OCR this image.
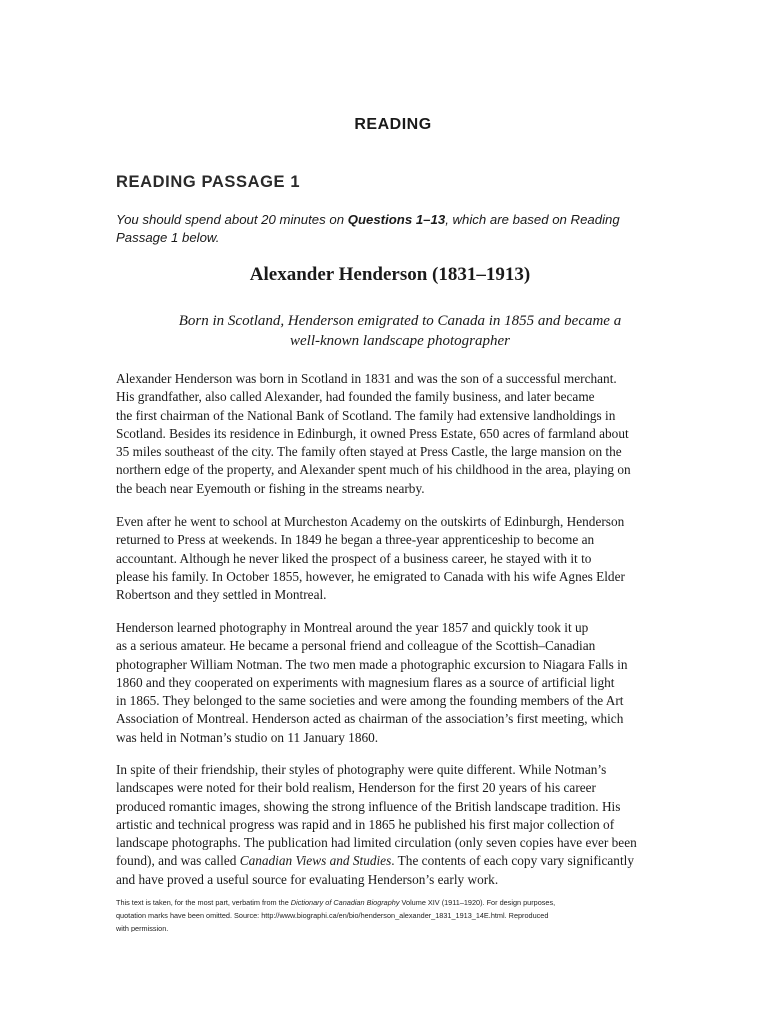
READING
READING PASSAGE 1
You should spend about 20 minutes on Questions 1–13, which are based on Reading
Passage 1 below.
Alexander Henderson (1831–1913)
Born in Scotland, Henderson emigrated to Canada in 1855 and became a
well-known landscape photographer
Alexander Henderson was born in Scotland in 1831 and was the son of a successful merchant.
His grandfather, also called Alexander, had founded the family business, and later became
the first chairman of the National Bank of Scotland. The family had extensive landholdings in
Scotland. Besides its residence in Edinburgh, it owned Press Estate, 650 acres of farmland about
35 miles southeast of the city. The family often stayed at Press Castle, the large mansion on the
northern edge of the property, and Alexander spent much of his childhood in the area, playing on
the beach near Eyemouth or fishing in the streams nearby.
Even after he went to school at Murcheston Academy on the outskirts of Edinburgh, Henderson
returned to Press at weekends. In 1849 he began a three-year apprenticeship to become an
accountant. Although he never liked the prospect of a business career, he stayed with it to
please his family. In October 1855, however, he emigrated to Canada with his wife Agnes Elder
Robertson and they settled in Montreal.
Henderson learned photography in Montreal around the year 1857 and quickly took it up
as a serious amateur. He became a personal friend and colleague of the Scottish–Canadian
photographer William Notman. The two men made a photographic excursion to Niagara Falls in
1860 and they cooperated on experiments with magnesium flares as a source of artificial light
in 1865. They belonged to the same societies and were among the founding members of the Art
Association of Montreal. Henderson acted as chairman of the association’s first meeting, which
was held in Notman’s studio on 11 January 1860.
In spite of their friendship, their styles of photography were quite different. While Notman’s
landscapes were noted for their bold realism, Henderson for the first 20 years of his career
produced romantic images, showing the strong influence of the British landscape tradition. His
artistic and technical progress was rapid and in 1865 he published his first major collection of
landscape photographs. The publication had limited circulation (only seven copies have ever been
found), and was called Canadian Views and Studies. The contents of each copy vary significantly
and have proved a useful source for evaluating Henderson’s early work.
This text is taken, for the most part, verbatim from the Dictionary of Canadian Biography Volume XIV (1911–1920). For design purposes,
quotation marks have been omitted. Source: http://www.biographi.ca/en/bio/henderson_alexander_1831_1913_14E.html. Reproduced
with permission.
